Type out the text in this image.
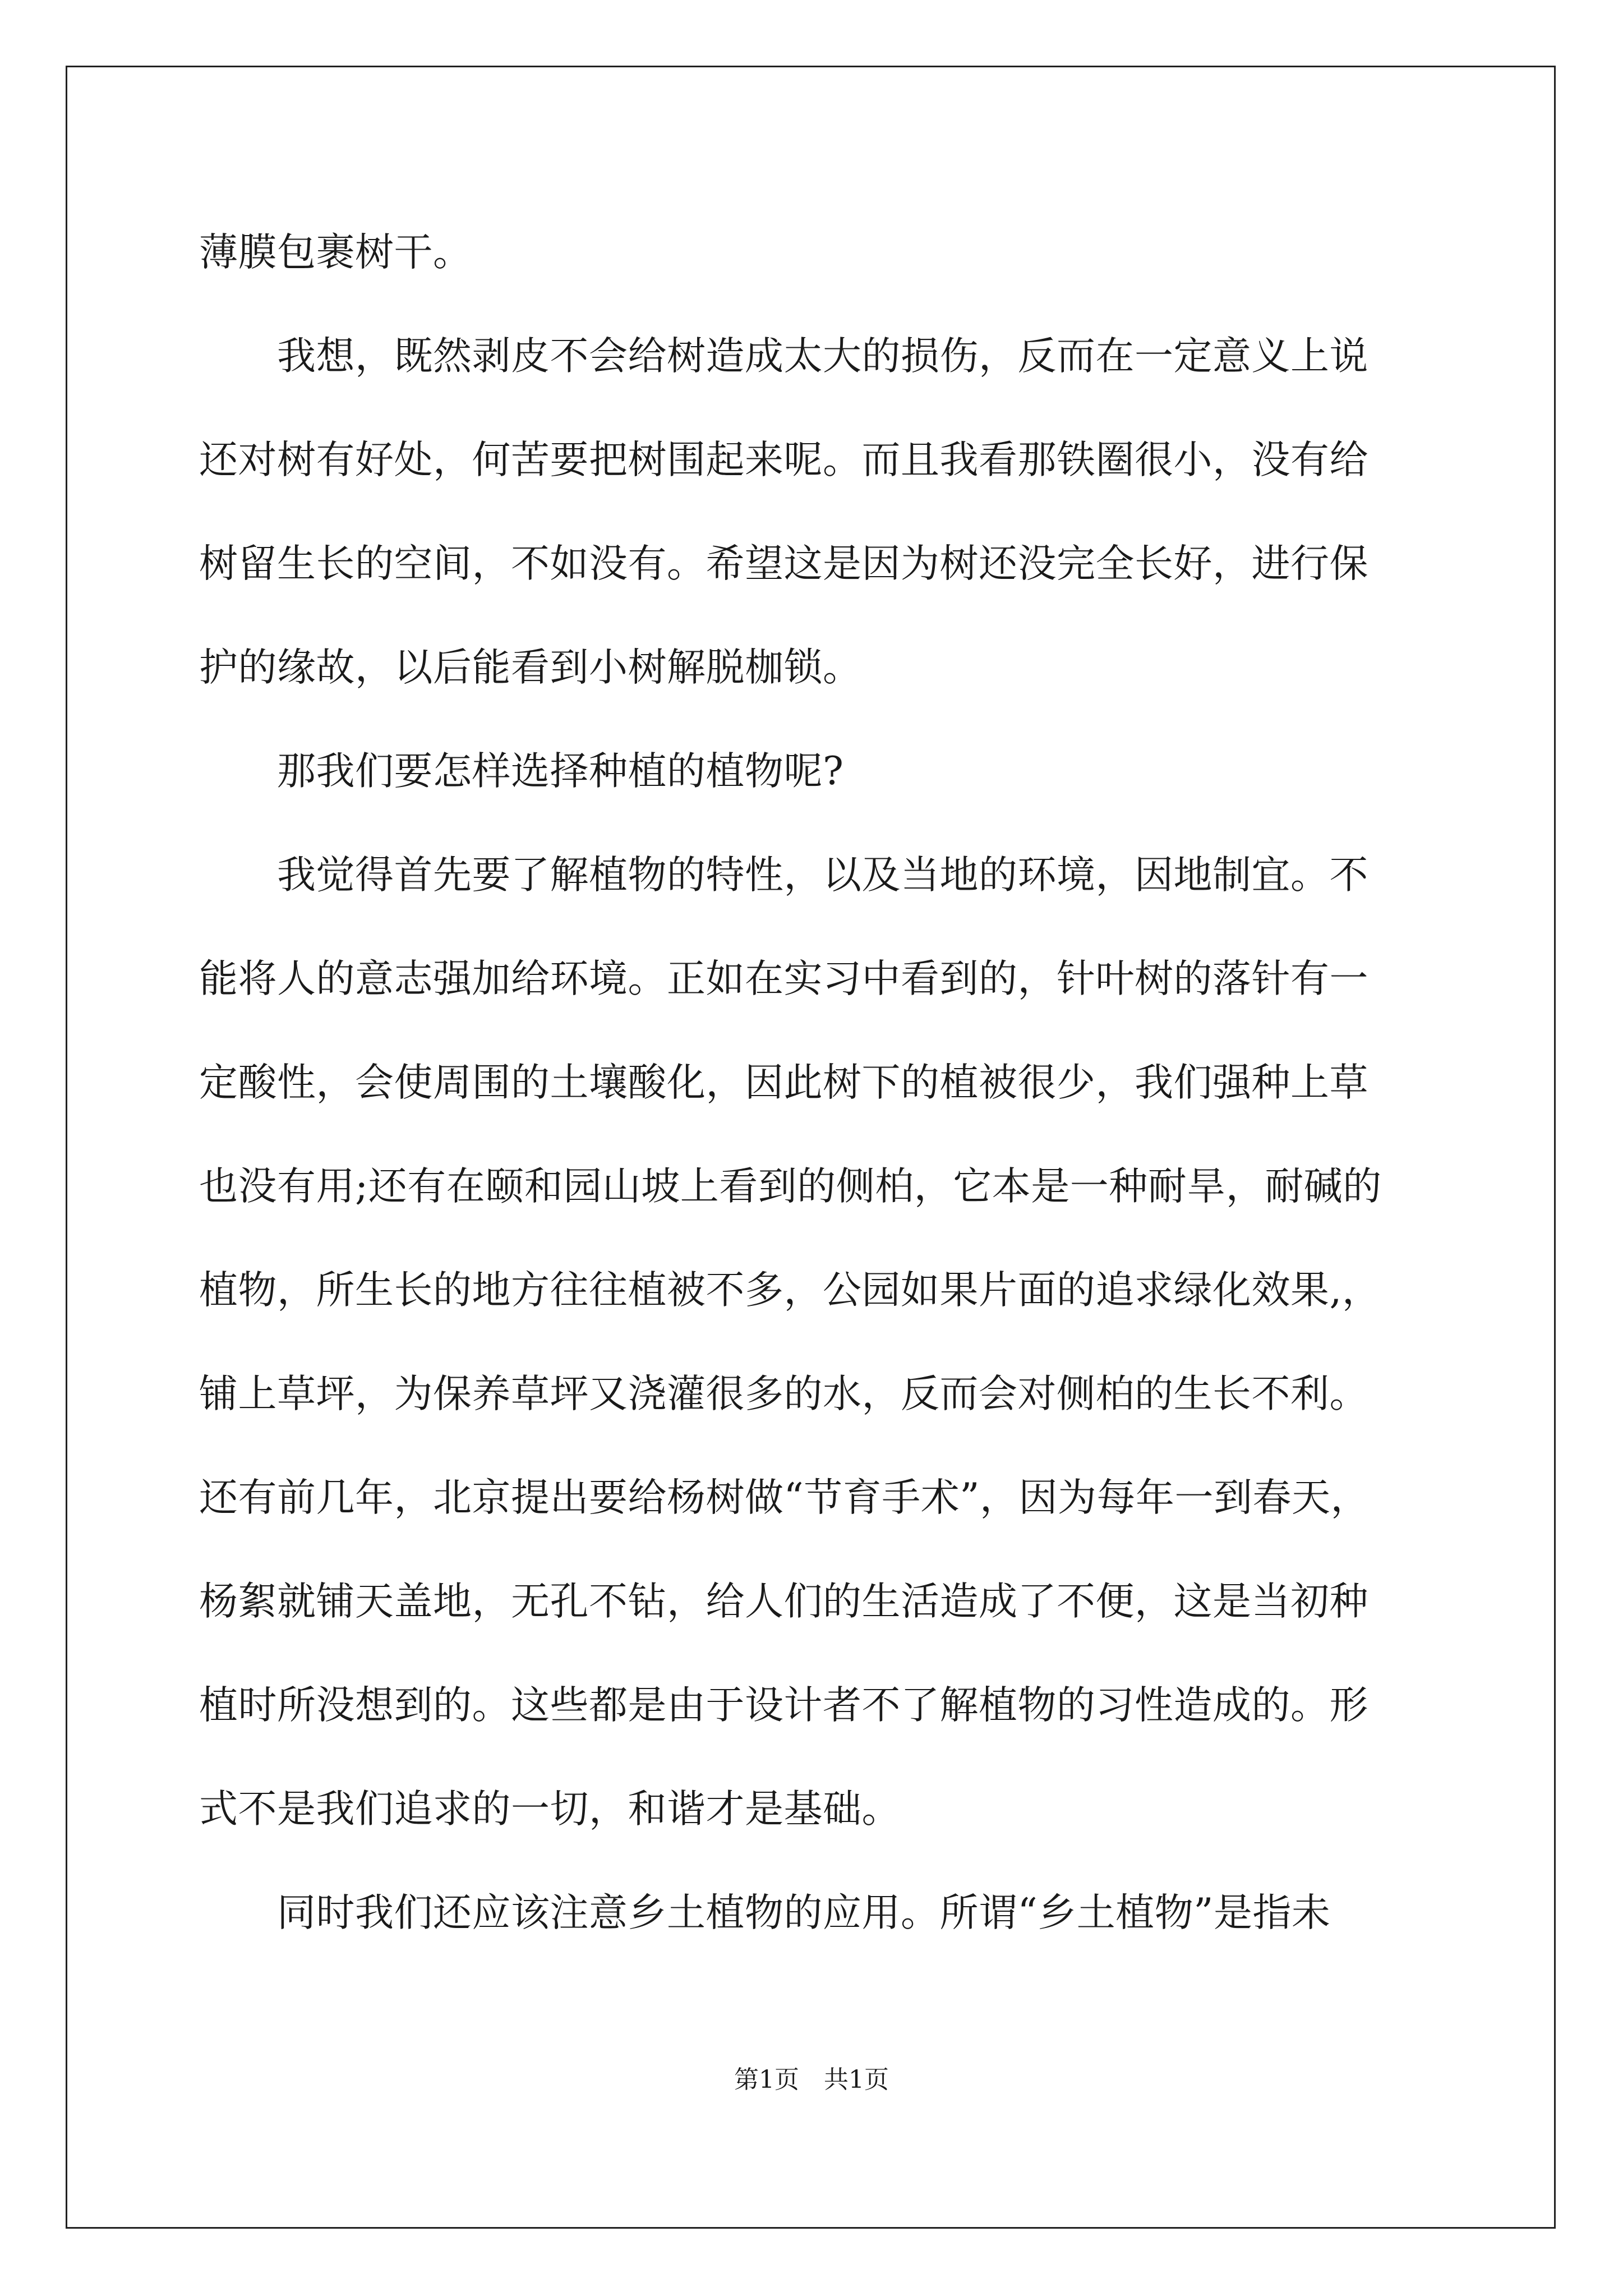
薄膜包裹树干。
　　我想，既然剥皮不会给树造成太大的损伤，反而在一定意义上说
还对树有好处，何苦要把树围起来呢。而且我看那铁圈很小，没有给
树留生长的空间，不如没有。希望这是因为树还没完全长好，进行保
护的缘故，以后能看到小树解脱枷锁。
　　那我们要怎样选择种植的植物呢?
　　我觉得首先要了解植物的特性，以及当地的环境，因地制宜。不
能将人的意志强加给环境。正如在实习中看到的，针叶树的落针有一
定酸性，会使周围的土壤酸化，因此树下的植被很少，我们强种上草
也没有用;还有在颐和园山坡上看到的侧柏，它本是一种耐旱，耐碱的
植物，所生长的地方往往植被不多，公园如果片面的追求绿化效果,，
铺上草坪，为保养草坪又浇灌很多的水，反而会对侧柏的生长不利。
还有前几年，北京提出要给杨树做“节育手术”，因为每年一到春天，
杨絮就铺天盖地，无孔不钻，给人们的生活造成了不便，这是当初种
植时所没想到的。这些都是由于设计者不了解植物的习性造成的。形
式不是我们追求的一切，和谐才是基础。
　　同时我们还应该注意乡土植物的应用。所谓“乡土植物”是指未
第1页　共1页
